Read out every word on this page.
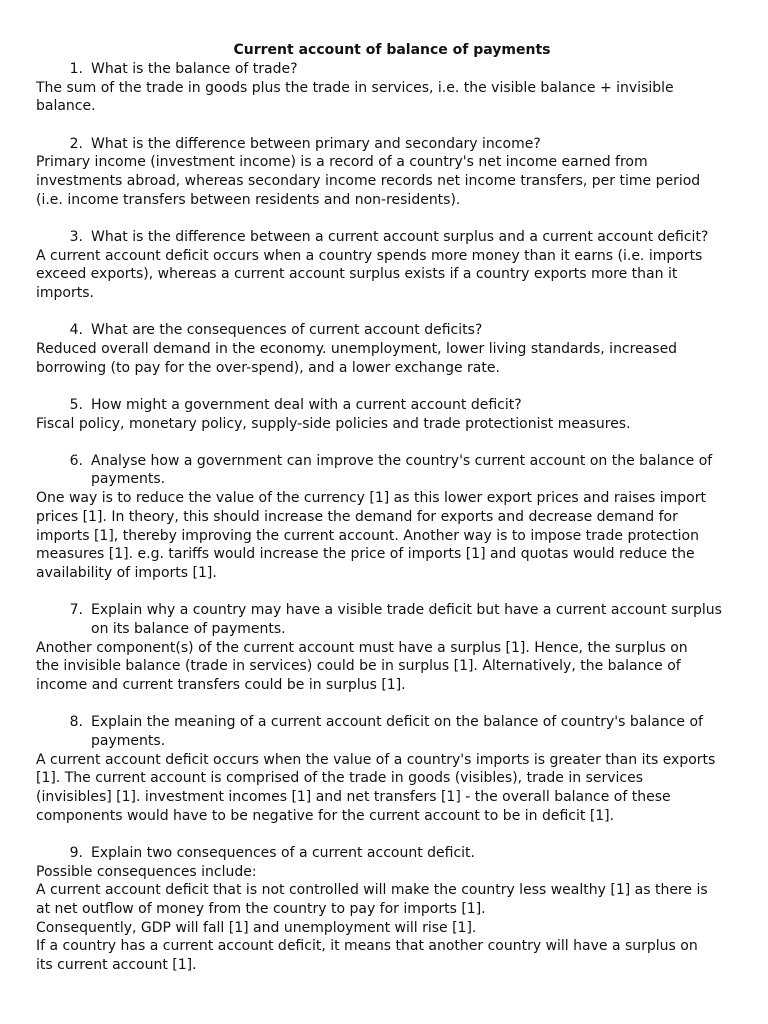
Current account of balance of payments

1. What is the balance of trade?
The sum of the trade in goods plus the trade in services, i.e. the visible balance + invisible
balance.
2. What is the difference between primary and secondary income?
Primary income (investment income) is a record of a country's net income earned from
investments abroad, whereas secondary income records net income transfers, per time period
(i.e. income transfers between residents and non-residents).
3. What is the difference between a current account surplus and a current account deficit?
A current account deficit occurs when a country spends more money than it earns (i.e. imports
exceed exports), whereas a current account surplus exists if a country exports more than it
imports.
4. What are the consequences of current account deficits?
Reduced overall demand in the economy. unemployment, lower living standards, increased
borrowing (to pay for the over-spend), and a lower exchange rate.
5. How might a government deal with a current account deficit?
Fiscal policy, monetary policy, supply-side policies and trade protectionist measures.
6. Analyse how a government can improve the country's current account on the balance of
payments.
One way is to reduce the value of the currency [1] as this lower export prices and raises import
prices [1]. In theory, this should increase the demand for exports and decrease demand for
imports [1], thereby improving the current account. Another way is to impose trade protection
measures [1]. e.g. tariffs would increase the price of imports [1] and quotas would reduce the
availability of imports [1].
7. Explain why a country may have a visible trade deficit but have a current account surplus
on its balance of payments.
Another component(s) of the current account must have a surplus [1]. Hence, the surplus on
the invisible balance (trade in services) could be in surplus [1]. Alternatively, the balance of
income and current transfers could be in surplus [1].
8. Explain the meaning of a current account deficit on the balance of country's balance of
payments.
A current account deficit occurs when the value of a country's imports is greater than its exports
[1]. The current account is comprised of the trade in goods (visibles), trade in services
(invisibles] [1]. investment incomes [1] and net transfers [1] - the overall balance of these
components would have to be negative for the current account to be in deficit [1].
9. Explain two consequences of a current account deficit.
Possible consequences include:
A current account deficit that is not controlled will make the country less wealthy [1] as there is
at net outflow of money from the country to pay for imports [1].
Consequently, GDP will fall [1] and unemployment will rise [1].
If a country has a current account deficit, it means that another country will have a surplus on
its current account [1].
